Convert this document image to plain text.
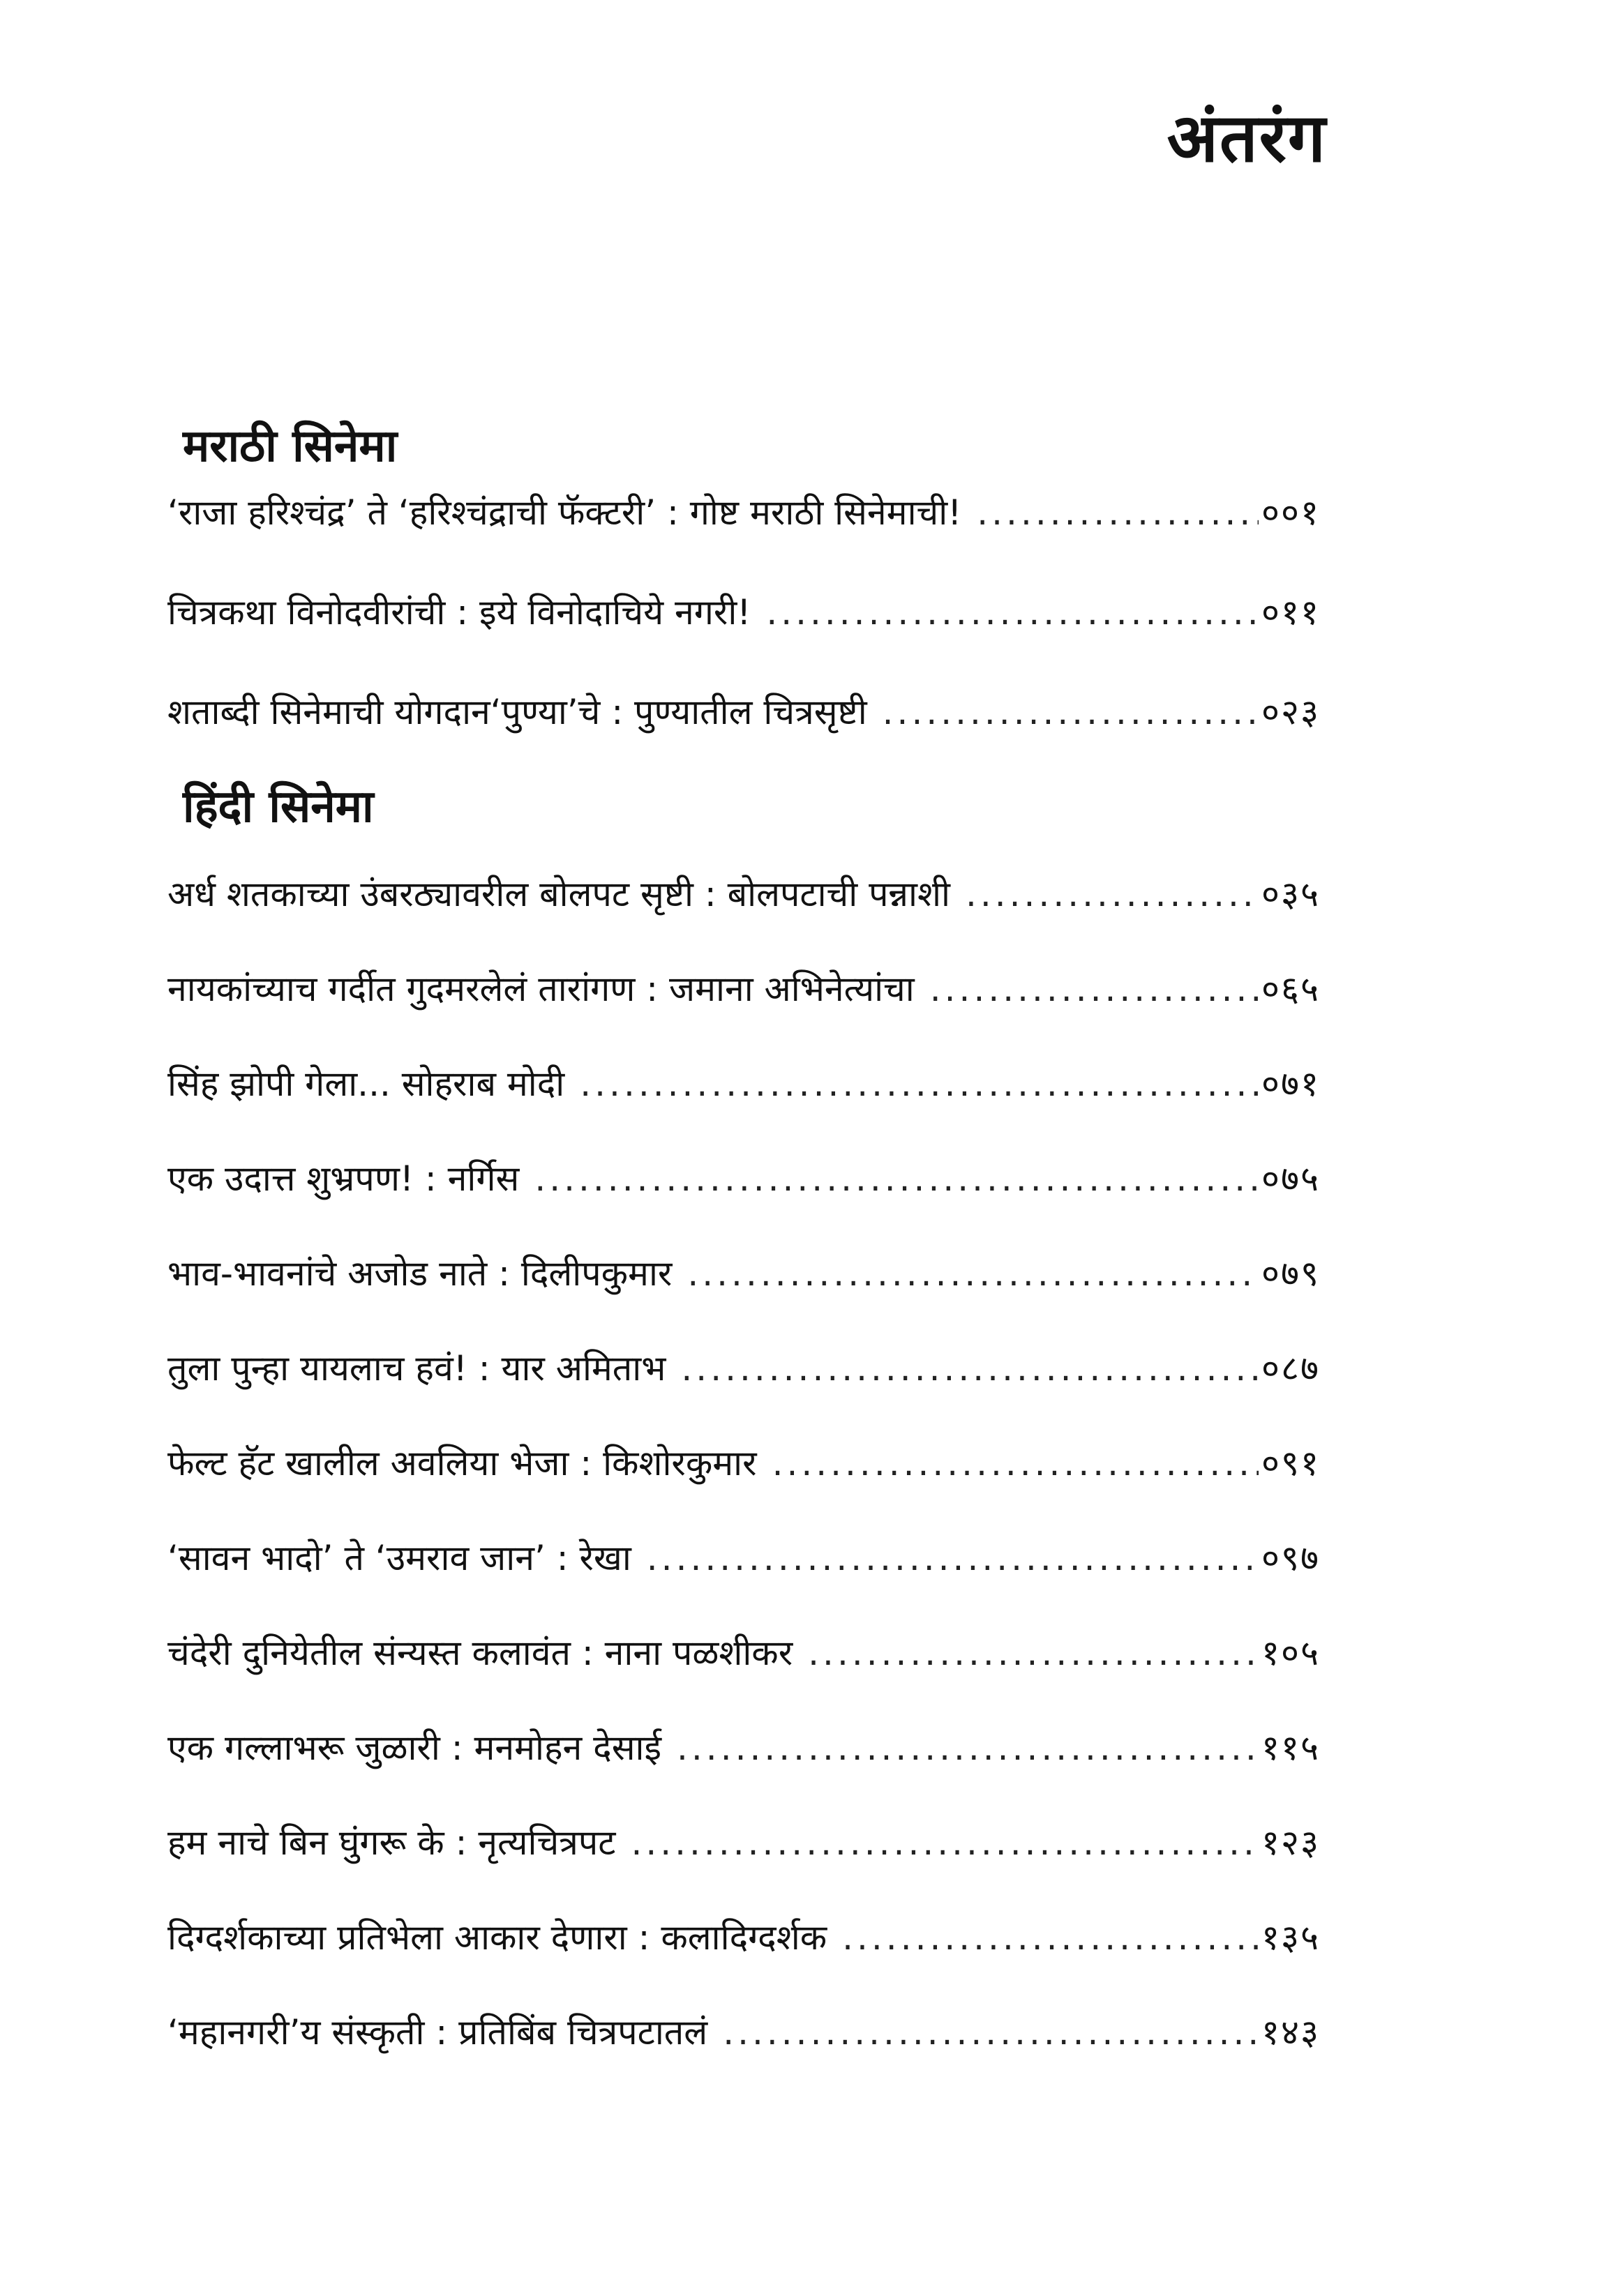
अंतरंग
मराठी सिनेमा
‘राजा हरिश्चंद्र’ ते ‘हरिश्चंद्राची फॅक्टरी’ : गोष्ट मराठी सिनेमाची! .....	००१
चित्रकथा विनोदवीरांची : इये विनोदाचिये नगरी! .....	०११
शताब्दी सिनेमाची योगदान‘पुण्या’चे : पुण्यातील चित्रसृष्टी .....	०२३
हिंदी सिनेमा
अर्ध शतकाच्या उंबरठ्यावरील बोलपट सृष्टी : बोलपटाची पन्नाशी .....	०३५
नायकांच्याच गर्दीत गुदमरलेलं तारांगण : जमाना अभिनेत्यांचा .....	०६५
सिंह झोपी गेला... सोहराब मोदी .....	०७१
एक उदात्त शुभ्रपण! : नर्गिस .....	०७५
भाव-भावनांचे अजोड नाते : दिलीपकुमार .....	०७९
तुला पुन्हा यायलाच हवं! : यार अमिताभ .....	०८७
फेल्ट हॅट खालील अवलिया भेजा : किशोरकुमार .....	०९१
‘सावन भादो’ ते ‘उमराव जान’ : रेखा .....	०९७
चंदेरी दुनियेतील संन्यस्त कलावंत : नाना पळशीकर .....	१०५
एक गल्लाभरू जुळारी : मनमोहन देसाई .....	११५
हम नाचे बिन घुंगरू के : नृत्यचित्रपट .....	१२३
दिग्दर्शकाच्या प्रतिभेला आकार देणारा : कलादिग्दर्शक .....	१३५
‘महानगरी’य संस्कृती : प्रतिबिंब चित्रपटातलं .....	१४३
